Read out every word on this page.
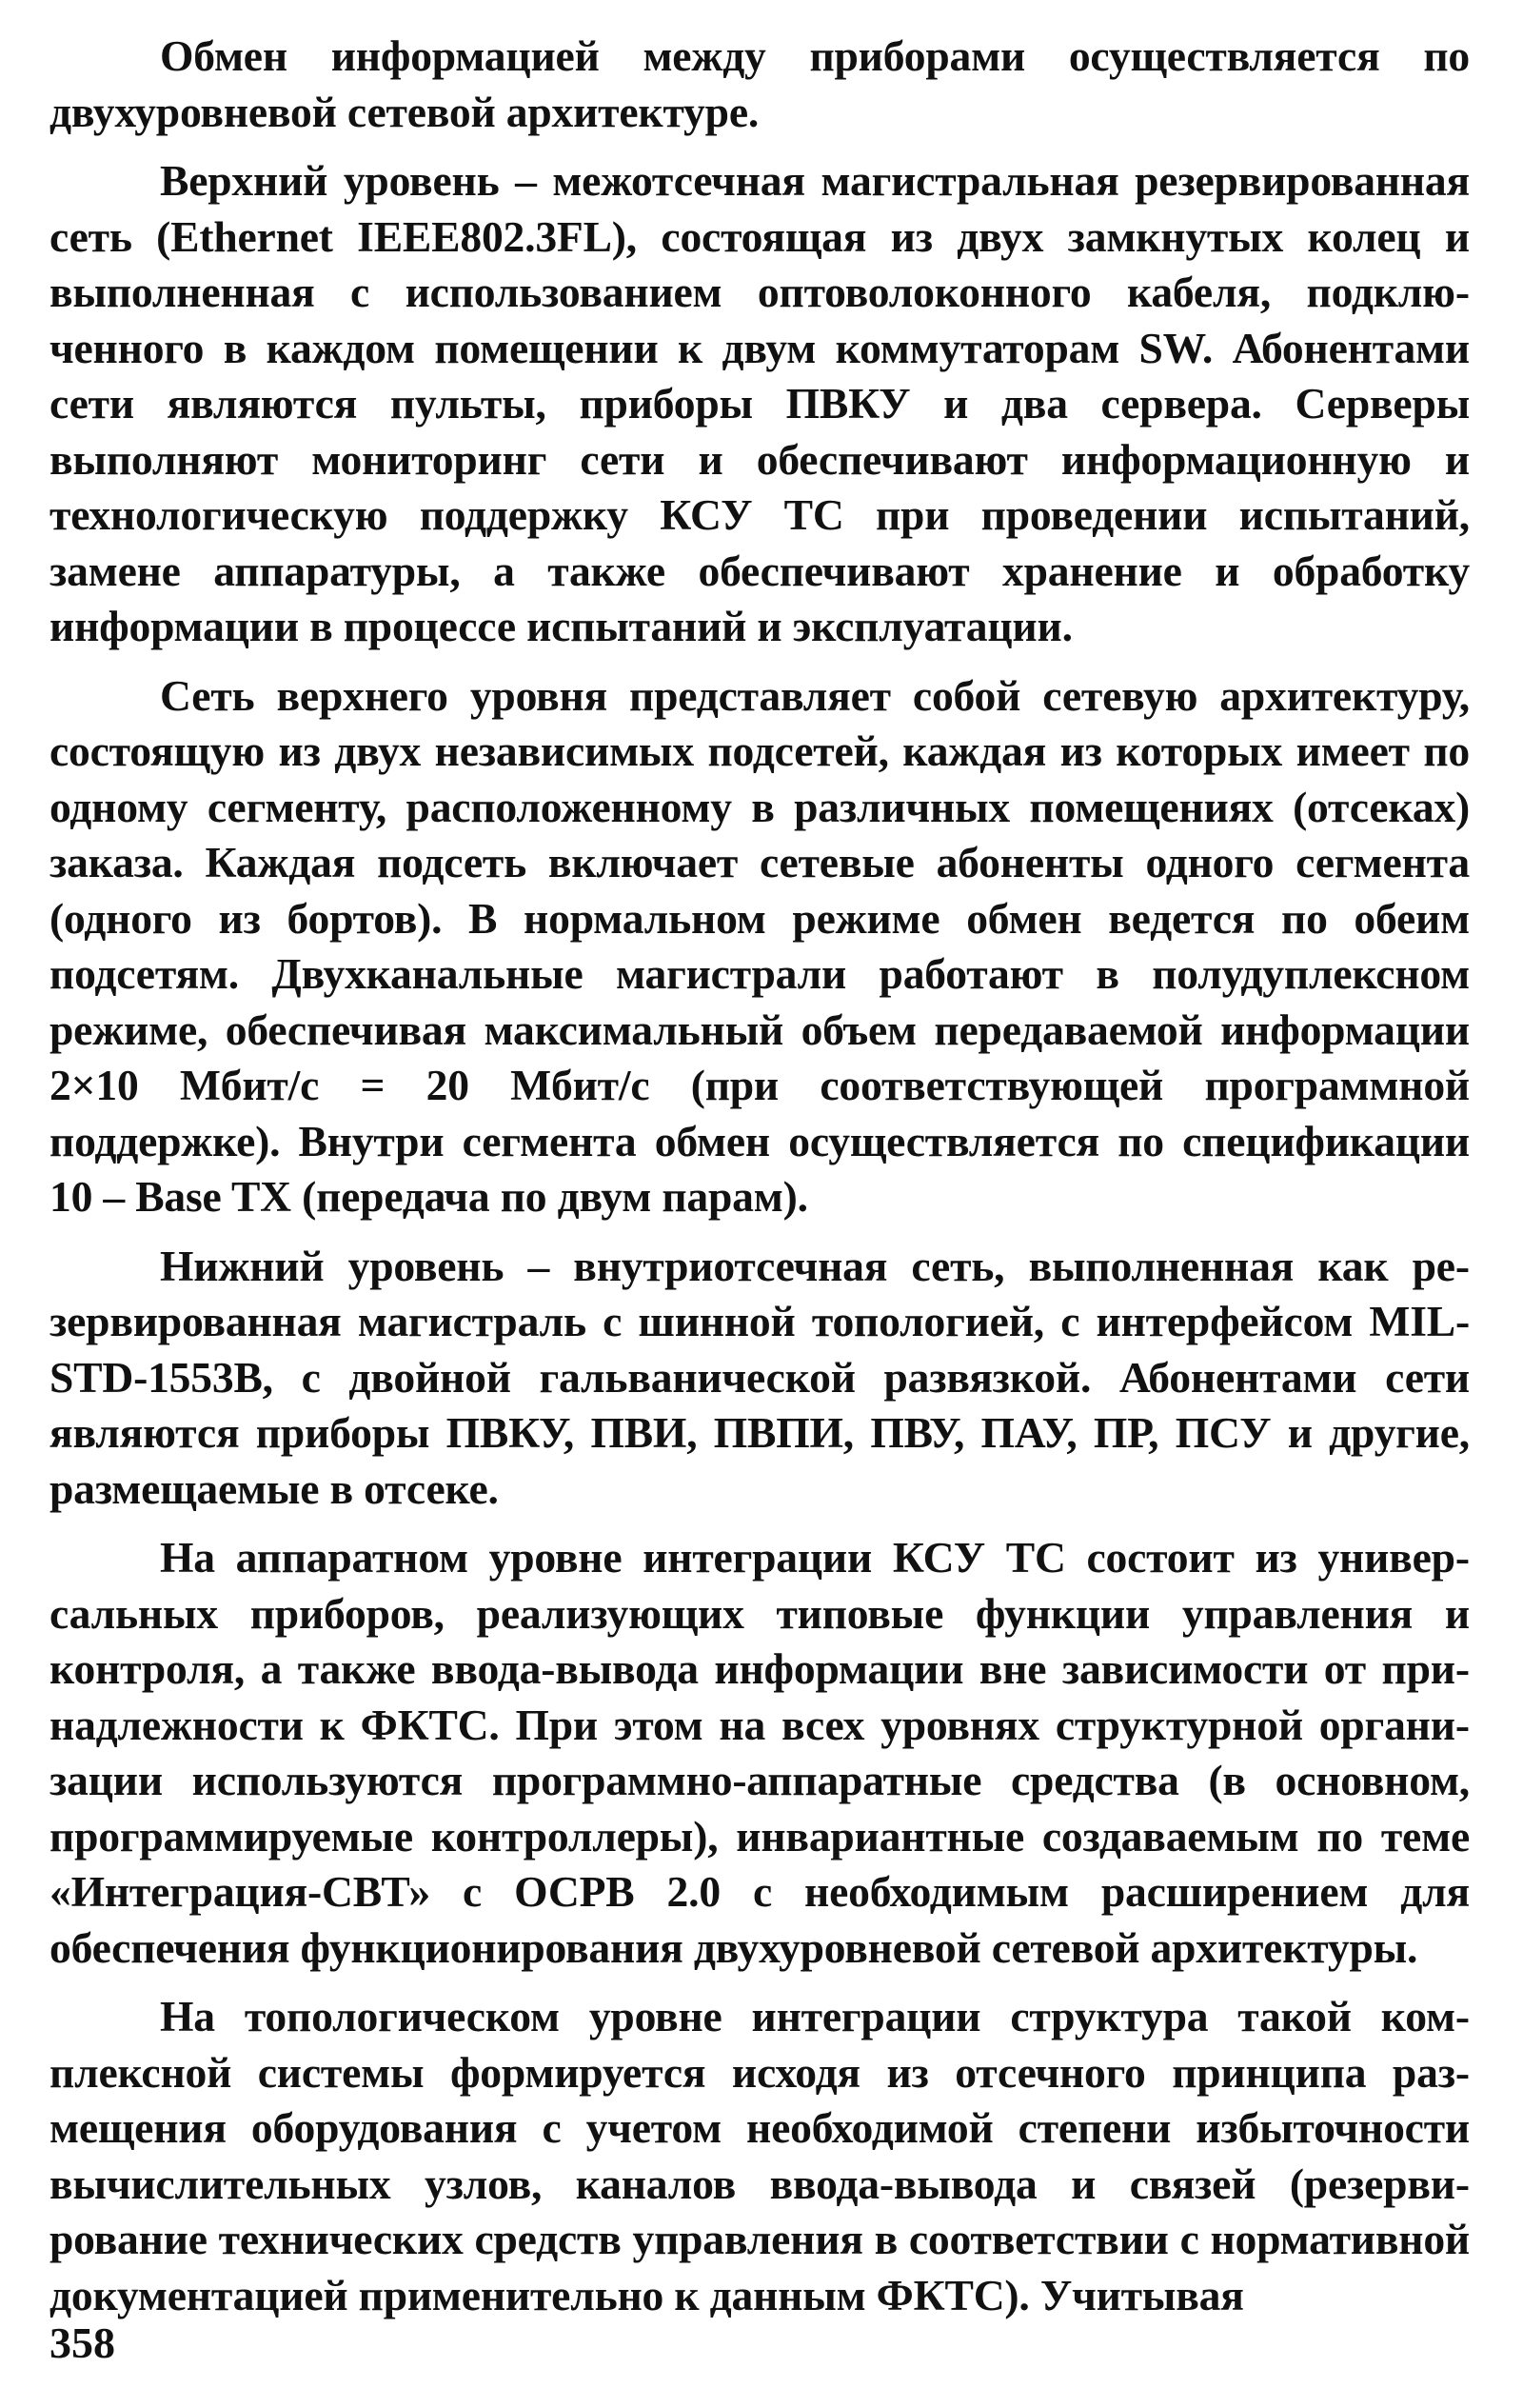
Обмен информацией между приборами осуществляется по двухуровневой сетевой архитектуре.

Верхний уровень – межотсечная магистральная резервированная сеть (Ethernet IEEE802.3FL), состоящая из двух замкнутых колец и выполненная с использованием оптоволоконного кабеля, подключенного в каждом помещении к двум коммутаторам SW. Абонентами сети являются пульты, приборы ПВКУ и два сервера. Серверы выполняют мониторинг сети и обеспечивают информационную и технологическую поддержку КСУ ТС при проведении испытаний, замене аппаратуры, а также обеспечивают хранение и обработку информации в процессе испытаний и эксплуатации.

Сеть верхнего уровня представляет собой сетевую архитектуру, состоящую из двух независимых подсетей, каждая из которых имеет по одному сегменту, расположенному в различных помещениях (отсеках) заказа. Каждая подсеть включает сетевые абоненты одного сегмента (одного из бортов). В нормальном режиме обмен ведется по обеим подсетям. Двухканальные магистрали работают в полудуплексном режиме, обеспечивая максимальный объем передаваемой информации 2×10 Мбит/с = 20 Мбит/с (при соответствующей программной поддержке). Внутри сегмента обмен осуществляется по спецификации 10 – Base TX (передача по двум парам).

Нижний уровень – внутриотсечная сеть, выполненная как резервированная магистраль с шинной топологией, с интерфейсом MIL-STD-1553B, с двойной гальванической развязкой. Абонентами сети являются приборы ПВКУ, ПВИ, ПВПИ, ПВУ, ПАУ, ПР, ПСУ и другие, размещаемые в отсеке.

На аппаратном уровне интеграции КСУ ТС состоит из универсальных приборов, реализующих типовые функции управления и контроля, а также ввода-вывода информации вне зависимости от принадлежности к ФКТС. При этом на всех уровнях структурной организации используются программно-аппаратные средства (в основном, программируемые контроллеры), инвариантные создаваемым по теме «Интеграция-СВТ» с ОСРВ 2.0 с необходимым расширением для обеспечения функционирования двухуровневой сетевой архитектуры.

На топологическом уровне интеграции структура такой комплексной системы формируется исходя из отсечного принципа размещения оборудования с учетом необходимой степени избыточности вычислительных узлов, каналов ввода-вывода и связей (резервирование технических средств управления в соответствии с нормативной документацией применительно к данным ФКТС). Учитывая

358
